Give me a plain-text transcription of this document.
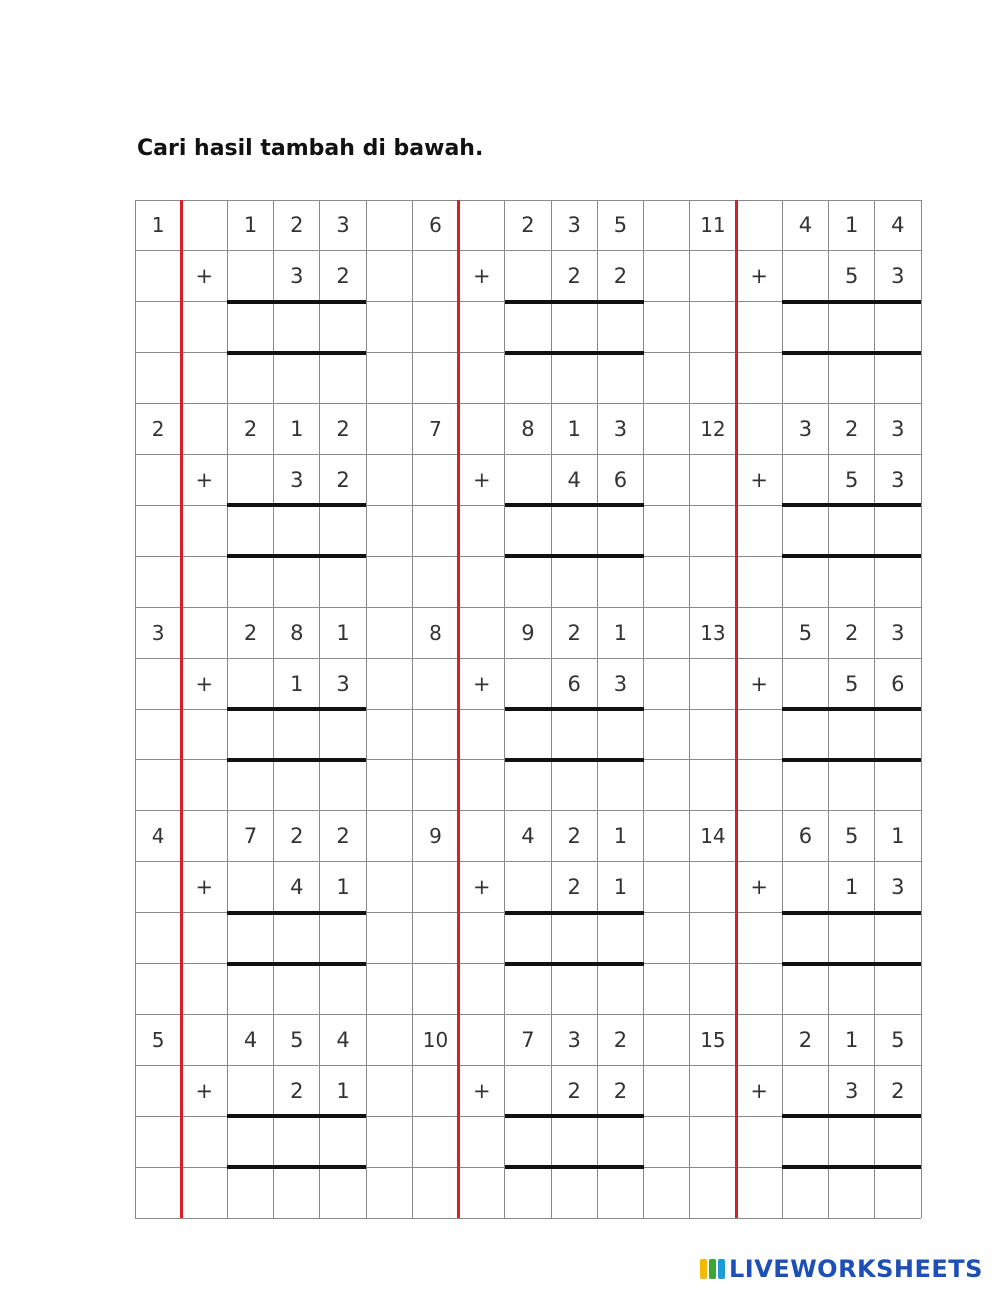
Cari hasil tambah di bawah.
1	1	2	3
+	3	2
2	2	1	2
+	3	2
3	2	8	1
+	1	3
4	7	2	2
+	4	1
5	4	5	4
+	2	1
6	2	3	5
+	2	2
7	8	1	3
+	4	6
8	9	2	1
+	6	3
9	4	2	1
+	2	1
10	7	3	2
+	2	2
11	4	1	4
+	5	3
12	3	2	3
+	5	3
13	5	2	3
+	5	6
14	6	5	1
+	1	3
15	2	1	5
+	3	2
LIVEWORKSHEETS
